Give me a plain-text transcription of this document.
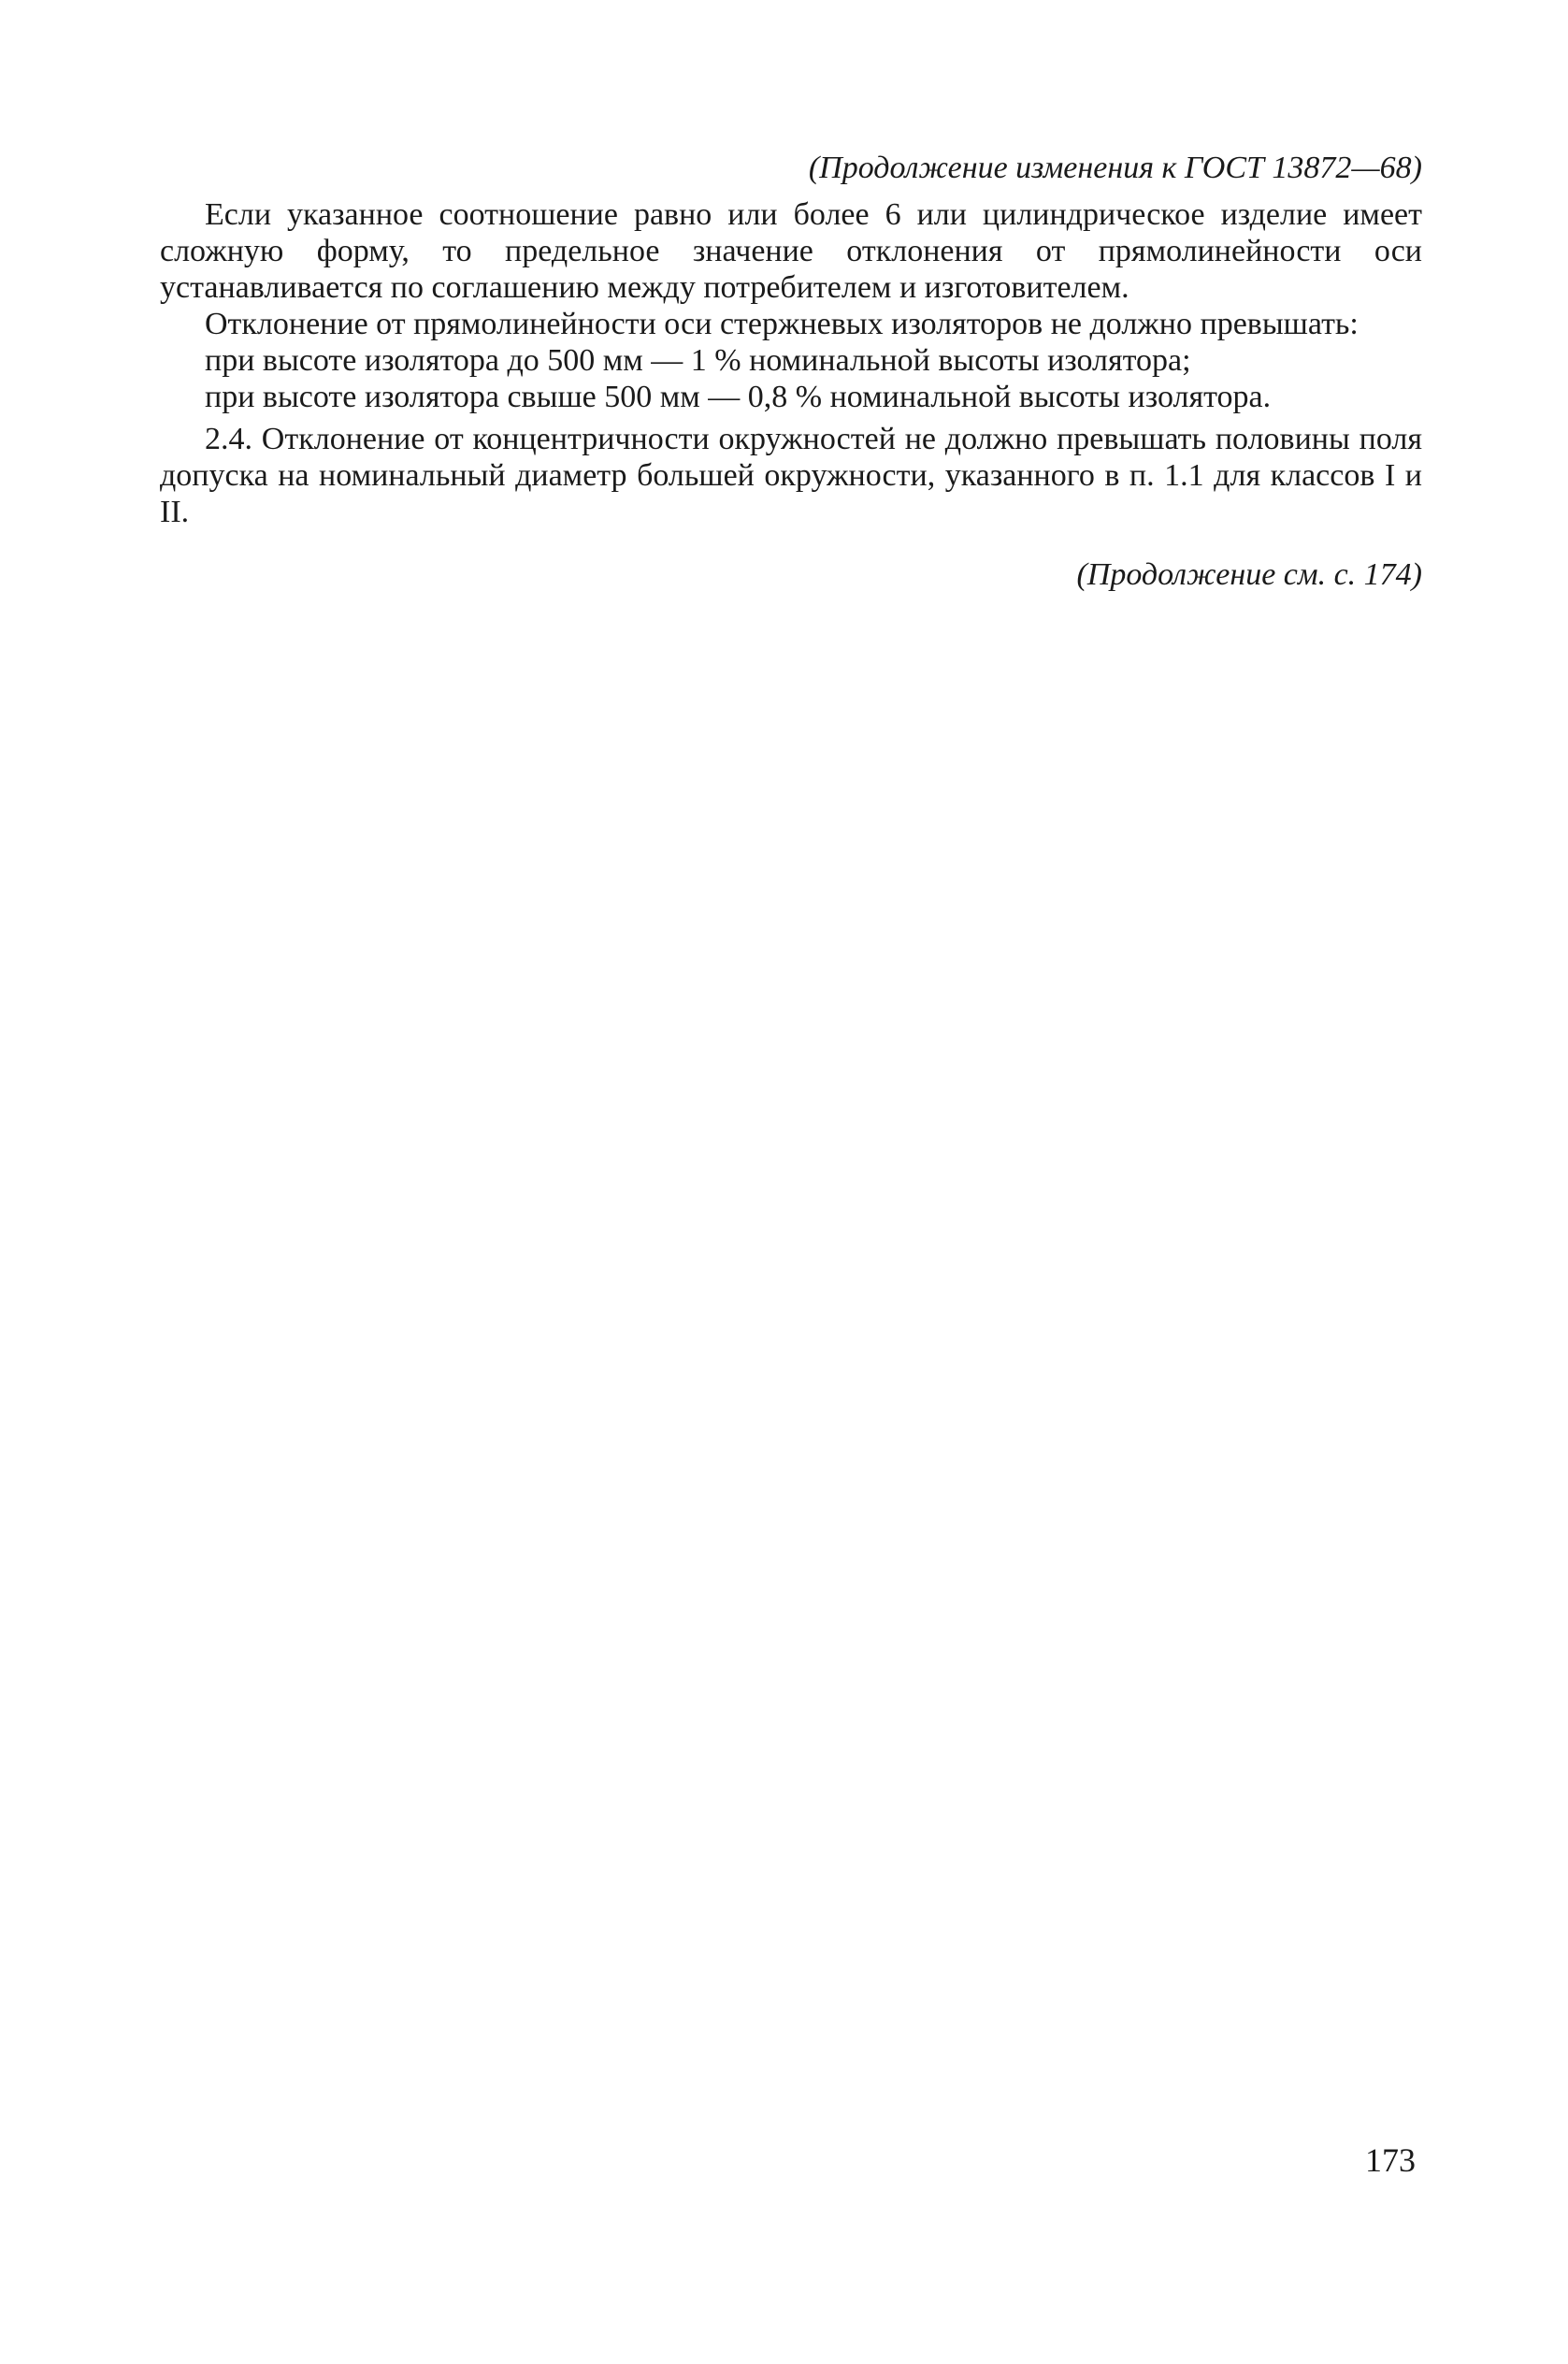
(Продолжение изменения к ГОСТ 13872—68)

Если указанное соотношение равно или более 6 или цилиндрическое изделие имеет сложную форму, то предельное значение отклонения от прямолинейности оси устанавливается по соглашению между потребителем и изготовителем.

Отклонение от прямолинейности оси стержневых изоляторов не должно превышать:

при высоте изолятора до 500 мм — 1 % номинальной высоты изолятора;

при высоте изолятора свыше 500 мм — 0,8 % номинальной высоты изолятора.

2.4. Отклонение от концентричности окружностей не должно превышать половины поля допуска на номинальный диаметр большей окружности, указанного в п. 1.1 для классов I и II.

(Продолжение см. с. 174)
173
